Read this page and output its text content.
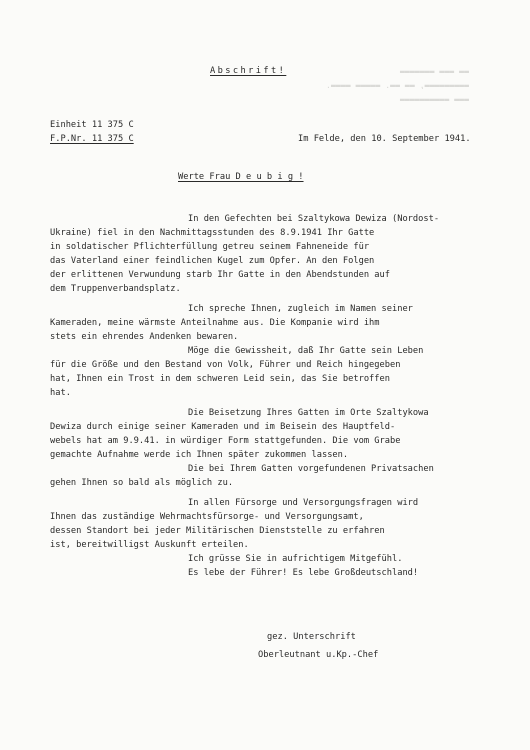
▬▬ ▬▬▬ ▬▬▬▬▬▬▬
▬▬▬▬▬▬▬▬▬, ▬▬ ▬▬. ▬▬▬▬▬ ▬▬▬▬.
▬▬▬ ▬▬▬▬▬▬▬▬▬▬
Abschrift!
Einheit 11 375 C
F.P.Nr. 11 375 C	Im Felde, den 10. September 1941.
Werte Frau D e u b i g !
In den Gefechten bei Szaltykowa Dewiza (Nordost-
Ukraine) fiel in den Nachmittagsstunden des 8.9.1941 Ihr Gatte
in soldatischer Pflichterfüllung getreu seinem Fahneneide für
das Vaterland einer feindlichen Kugel zum Opfer. An den Folgen
der erlittenen Verwundung starb Ihr Gatte in den Abendstunden auf
dem Truppenverbandsplatz.
Ich spreche Ihnen, zugleich im Namen seiner
Kameraden, meine wärmste Anteilnahme aus. Die Kompanie wird ihm
stets ein ehrendes Andenken bewaren.
Möge die Gewissheit, daß Ihr Gatte sein Leben
für die Größe und den Bestand von Volk, Führer und Reich hingegeben
hat, Ihnen ein Trost in dem schweren Leid sein, das Sie betroffen
hat.
Die Beisetzung Ihres Gatten im Orte Szaltykowa
Dewiza durch einige seiner Kameraden und im Beisein des Hauptfeld-
webels hat am 9.9.41. in würdiger Form stattgefunden. Die vom Grabe
gemachte Aufnahme werde ich Ihnen später zukommen lassen.
Die bei Ihrem Gatten vorgefundenen Privatsachen
gehen Ihnen so bald als möglich zu.
In allen Fürsorge und Versorgungsfragen wird
Ihnen das zuständige Wehrmachtsfürsorge- und Versorgungsamt,
dessen Standort bei jeder Militärischen Dienststelle zu erfahren
ist, bereitwilligst Auskunft erteilen.
Ich grüsse Sie in aufrichtigem Mitgefühl.
Es lebe der Führer! Es lebe Großdeutschland!
gez. Unterschrift
Oberleutnant u.Kp.-Chef
